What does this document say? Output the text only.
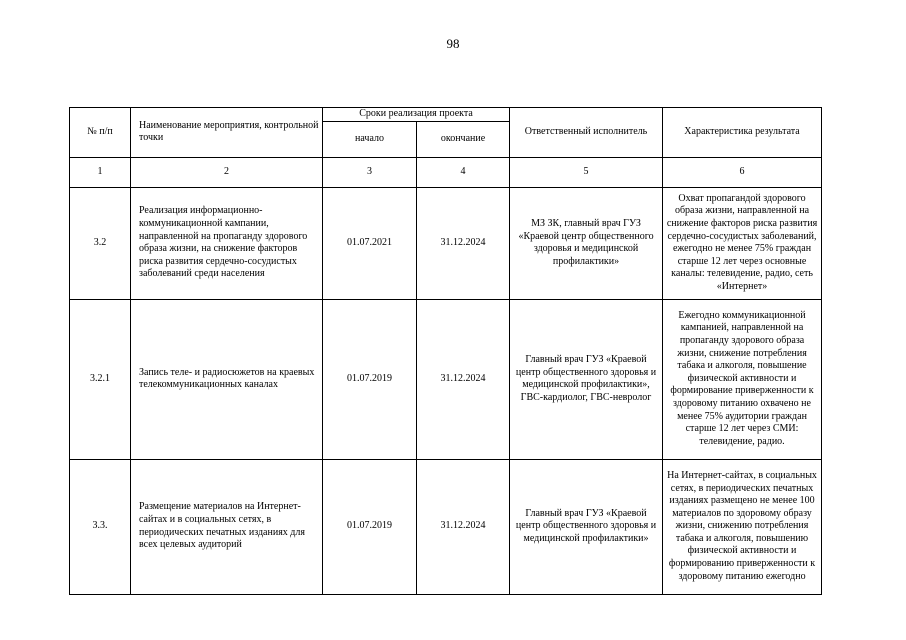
98
№ п/п	Наименование мероприятия, контрольной точки	Сроки реализация проекта		Ответственный исполнитель	Характеристика результата
		начало	окончание		
1	2	3	4	5	6
3.2	Реализация информационно-коммуникационной кампании, направленной на пропаганду здорового образа жизни, на снижение факторов риска развития сердечно-сосудистых заболеваний среди населения	01.07.2021	31.12.2024	МЗ ЗК, главный врач ГУЗ «Краевой центр общественного здоровья и медицинской профилактики»	Охват пропагандой здорового образа жизни, направленной на снижение факторов риска развития сердечно-сосудистых заболеваний, ежегодно не менее 75% граждан старше 12 лет через основные каналы: телевидение, радио, сеть «Интернет»
3.2.1	Запись теле- и радиосюжетов на краевых телекоммуникационных каналах	01.07.2019	31.12.2024	Главный врач ГУЗ «Краевой центр общественного здоровья и медицинской профилактики», ГВС-кардиолог, ГВС-невролог	Ежегодно коммуникационной кампанией, направленной на пропаганду здорового образа жизни, снижение потребления табака и алкоголя, повышение физической активности и формирование приверженности к здоровому питанию охвачено не менее 75% аудитории граждан старше 12 лет через СМИ: телевидение, радио.
3.3.	Размещение материалов на Интернет-сайтах и в социальных сетях, в периодических печатных изданиях для всех целевых аудиторий	01.07.2019	31.12.2024	Главный врач ГУЗ «Краевой центр общественного здоровья и медицинской профилактики»	На Интернет-сайтах, в социальных сетях, в периодических печатных изданиях размещено не менее 100 материалов по здоровому образу жизни, снижению потребления табака и алкоголя, повышению физической активности и формированию приверженности к здоровому питанию ежегодно
